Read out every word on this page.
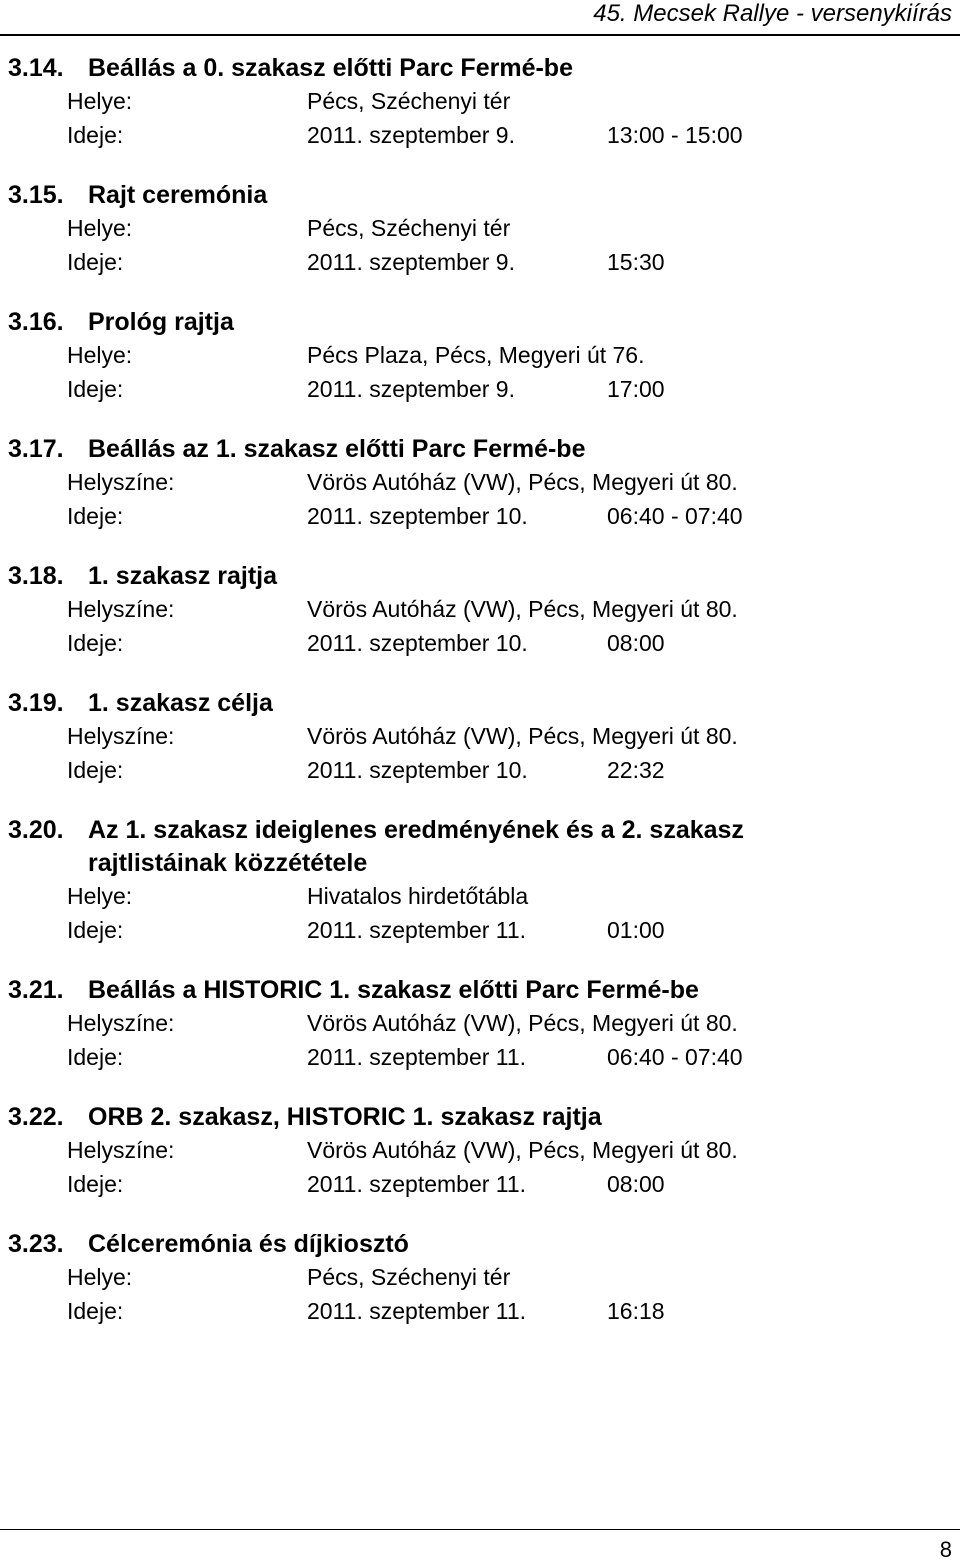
45. Mecsek Rallye - versenykiírás
3.14. Beállás a 0. szakasz előtti Parc Fermé-be
Helye:	Pécs, Széchenyi tér
Ideje:	2011. szeptember 9.	13:00 - 15:00
3.15. Rajt ceremónia
Helye:	Pécs, Széchenyi tér
Ideje:	2011. szeptember 9.	15:30
3.16. Prológ rajtja
Helye:	Pécs Plaza, Pécs, Megyeri út 76.
Ideje:	2011. szeptember 9.	17:00
3.17. Beállás az 1. szakasz előtti Parc Fermé-be
Helyszíne:	Vörös Autóház (VW), Pécs, Megyeri út 80.
Ideje:	2011. szeptember 10.	06:40 - 07:40
3.18. 1. szakasz rajtja
Helyszíne:	Vörös Autóház (VW), Pécs, Megyeri út 80.
Ideje:	2011. szeptember 10.	08:00
3.19. 1. szakasz célja
Helyszíne:	Vörös Autóház (VW), Pécs, Megyeri út 80.
Ideje:	2011. szeptember 10.	22:32
3.20. Az 1. szakasz ideiglenes eredményének és a 2. szakasz
rajtlistáinak közzététele
Helye:	Hivatalos hirdetőtábla
Ideje:	2011. szeptember 11.	01:00
3.21. Beállás a HISTORIC 1. szakasz előtti Parc Fermé-be
Helyszíne:	Vörös Autóház (VW), Pécs, Megyeri út 80.
Ideje:	2011. szeptember 11.	06:40 - 07:40
3.22. ORB 2. szakasz, HISTORIC 1. szakasz rajtja
Helyszíne:	Vörös Autóház (VW), Pécs, Megyeri út 80.
Ideje:	2011. szeptember 11.	08:00
3.23. Célceremónia és díjkiosztó
Helye:	Pécs, Széchenyi tér
Ideje:	2011. szeptember 11.	16:18
8
